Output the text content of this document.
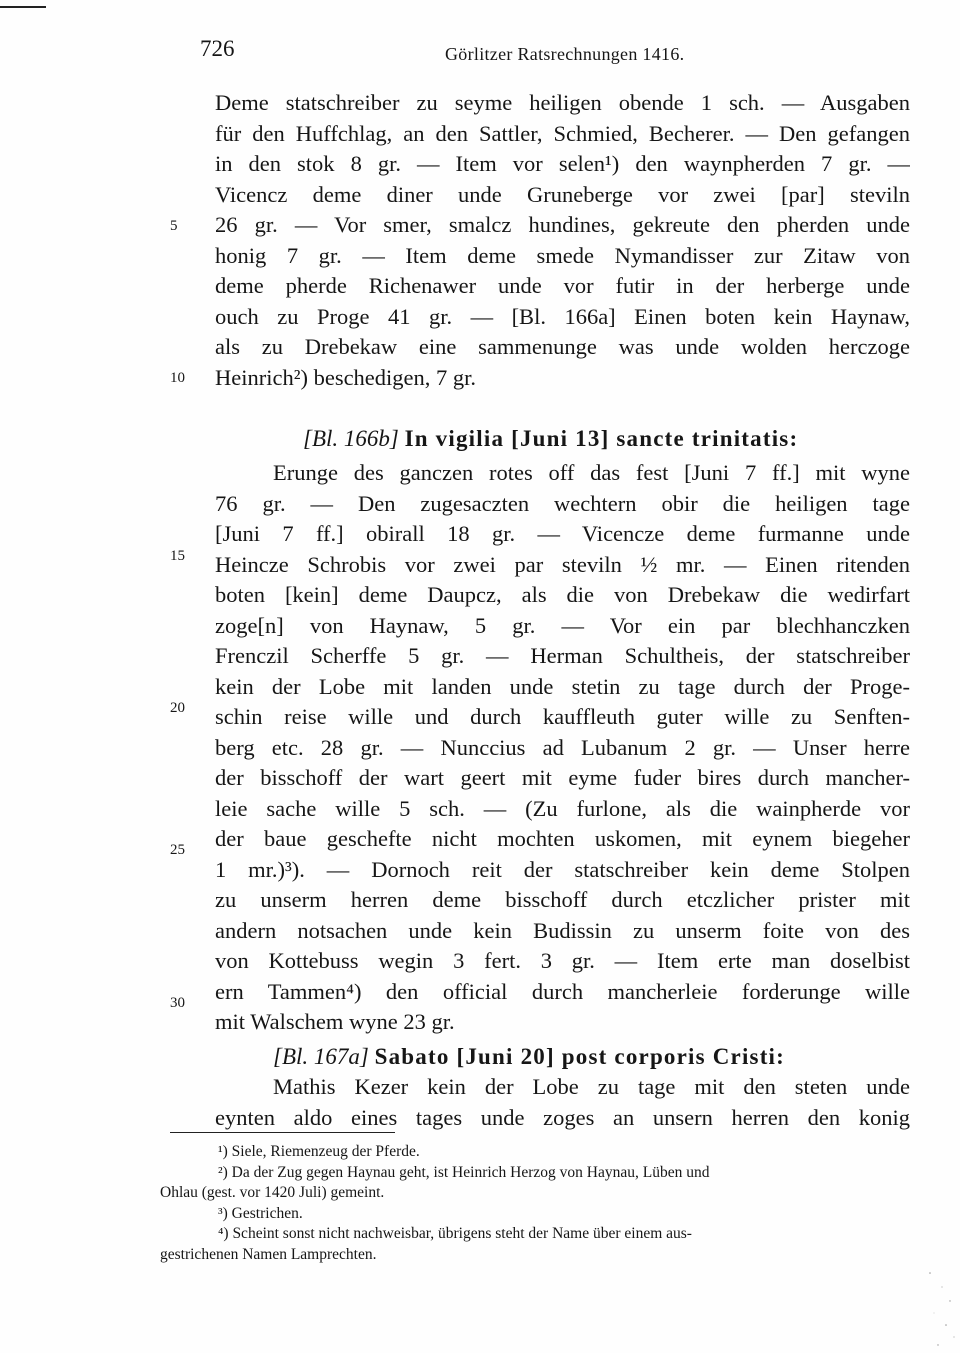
726	Görlitzer Ratsrechnungen 1416.
Deme statschreiber zu seyme heiligen obende 1 sch. — Ausgaben
für den Huffchlag, an den Sattler, Schmied, Becherer. — Den gefangen
in den stok 8 gr. — Item vor selen¹) den waynpherden 7 gr. —
Vicencz deme diner unde Gruneberge vor zwei [par] steviln
26 gr. — Vor smer, smalcz hundines, gekreute den pherden unde
honig 7 gr. — Item deme smede Nymandisser zur Zitaw von
deme pherde Richenawer unde vor futir in der herberge unde
ouch zu Proge 41 gr. — [Bl. 166a] Einen boten kein Haynaw,
als zu Drebekaw eine sammenunge was unde wolden herczoge
Heinrich²) beschedigen, 7 gr.
5
10
[Bl. 166b] In vigilia [Juni 13] sancte trinitatis:
Erunge des ganczen rotes off das fest [Juni 7 ff.] mit wyne
76 gr. — Den zugesaczten wechtern obir die heiligen tage
[Juni 7 ff.] obirall 18 gr. — Vicencze deme furmanne unde
Heincze Schrobis vor zwei par steviln ½ mr. — Einen ritenden
boten [kein] deme Daupcz, als die von Drebekaw die wedirfart
zoge[n] von Haynaw, 5 gr. — Vor ein par blechhanczken
Frenczil Scherffe 5 gr. — Herman Schultheis, der statschreiber
kein der Lobe mit landen unde stetin zu tage durch der Proge-
schin reise wille und durch kauffleuth guter wille zu Senften-
berg etc. 28 gr. — Nunccius ad Lubanum 2 gr. — Unser herre
der bisschoff der wart geert mit eyme fuder bires durch mancher-
leie sache wille 5 sch. — (Zu furlone, als die wainpherde vor
der baue geschefte nicht mochten uskomen, mit eynem biegeher
1 mr.)³). — Dornoch reit der statschreiber kein deme Stolpen
zu unserm herren deme bisschoff durch etczlicher prister mit
andern notsachen unde kein Budissin zu unserm foite von des
von Kottebuss wegin 3 fert. 3 gr. — Item erte man doselbist
ern Tammen⁴) den official durch mancherleie forderunge wille
mit Walschem wyne 23 gr.
15
20
25
30
[Bl. 167a] Sabato [Juni 20] post corporis Cristi:
Mathis Kezer kein der Lobe zu tage mit den steten unde
eynten aldo eines tages unde zoges an unsern herren den konig
¹) Siele, Riemenzeug der Pferde.
²) Da der Zug gegen Haynau geht, ist Heinrich Herzog von Haynau, Lüben und
Ohlau (gest. vor 1420 Juli) gemeint.
³) Gestrichen.
⁴) Scheint sonst nicht nachweisbar, übrigens steht der Name über einem aus-
gestrichenen Namen Lamprechten.
